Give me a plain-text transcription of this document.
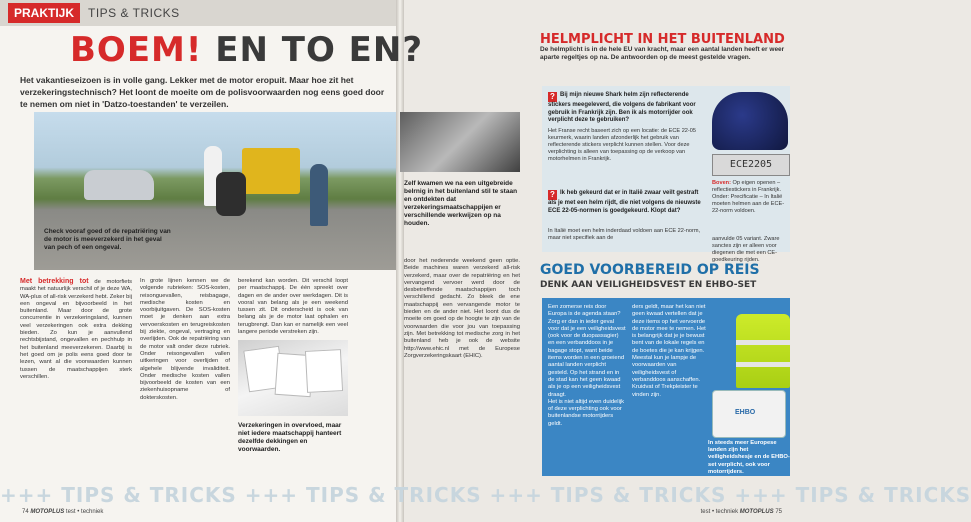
PRAKTIJK	TIPS & TRICKS
Het vakantieseizoen is in volle gang. Lekker met de motor eropuit. Maar hoe zit het verzekeringstechnisch? Het loont de moeite om de polisvoorwaarden nog eens goed door te nemen om niet in 'Datzo-toestanden' te verzeilen.
Check vooraf goed of de repatriëring van de motor is meeverzekerd in het geval van pech of een ongeval.
Met betrekking tot de motorfiets maakt het natuurlijk verschil of je deze WA, WA-plus of all-risk verzekerd hebt. Zeker bij een ongeval en bijvoorbeeld in het buitenland. Maar door de grote concurrentie in verzekeringsland, kunnen veel verzekeringen ook extra dekking bieden. Zo kun je aanvullend rechtsbijstand, ongevallen en pechhulp in het buitenland meeverzekeren. Daarbij is het goed om je polis eens goed door te lezen, want al die voorwaarden kunnen tussen de maatschappijen sterk verschillen.
In grote lijnen kennen we de volgende rubrieken: SOS-kosten, reisonguevallen, reisbagage, medische kosten en voorbijuitgaven. De SOS-kosten moet je denken aan extra vervoerskosten en terugreiskosten bij ziekte, ongeval, vertraging en overlijden. Ook de repatriëring van de motor valt onder deze rubriek. Onder reisongevallen vallen uitkeringen voor overlijden of algehele blijvende invaliditeit. Onder medische kosten vallen bijvoorbeeld de kosten van een ziekenhuisopname of dokterskosten.
berekend kan worden. Dit verschil loopt per maatschappij. De één spreekt over dagen en de ander over werkdagen. Dit is vooral van belang als je een weekend tussen zit. Dit onderscheid is ook van belang als je de motor laat ophalen en terugbrengt. Dan kan er namelijk een veel langere periode verstreken zijn.
Verzekeringen in overvloed, maar niet iedere maatschappij hanteert dezelfde dekkingen en voorwaarden.
74 MOTOPLUS test • techniek
Zelf kwamen we na een uitgebreide belrnig in het buitenland stil te staan en ontdekten dat verzekeringsmaatschappijen er verschillende werkwijzen op na houden.
door het nederende weekend geen optie. Beide machines waren verzekerd all-risk verzekerd, maar over de repatriëring en het vervangend vervoer werd door de desbetreffende maatschappijen toch verschillend gedacht. Zo bleek de ene maatschappij een vervangende motor te bieden en de ander niet. Het loont dus de moeite om goed op de hoogte te zijn van de voorwaarden die voor jou van toepassing zijn. Met betrekking tot medische zorg in het buitenland heb je ook de website http://www.ehic.nl met de Europese Zorgverzekeringskaart (EHIC).
BOEM! EN TO EN?	HELMPLICHT IN HET BUITENLAND
De helmplicht is in de hele EU van kracht, maar een aantal landen heeft er weer aparte regeltjes op na. De antwoorden op de meest gestelde vragen.
? Bij mijn nieuwe Shark helm zijn reflecterende stickers meegeleverd, die volgens de fabrikant voor gebruik in Frankrijk zijn. Ben ik als motorrijder ook verplicht deze te gebruiken?
Het Franse recht baseert zich op een locatie: de ECE 22-05 keurmerk, waarin landen afzonderlijk het gebruik van reflecterende stickers verplicht kunnen stellen. Voor deze verplichting is alleen van toepassing op de verkoop van motorhelmen in Frankrijk.
? Ik heb gekeurd dat er in Italië zwaar veilt gestraft als je met een helm rijdt, die niet volgens de nieuwste ECE 22-05-normen is goedgekeurd. Klopt dat?
In Italië moet een helm inderdaad voldoen aan ECE 22-norm, maar niet specifiek aan de
ECE2205
Boven: Op eigen openen – reflectiestickers in Frankrijk. Onder: Precificatie – In Italië moeten helmen aan de ECE-22-norm voldoen.
aanvulde 05 variant. Zware sanctes zijn er alleen voor diegenen die met een CE-goedkeuring rijden.
GOED VOORBEREID OP REIS
DENK AAN VEILIGHEIDSVEST EN EHBO-SET
Een zomerse reis door Europa is de agenda staan? Zorg er dan in ieder geval voor dat je een veiligheidsvest (ook voor de duopassagier) en een verbanddoos in je bagage stopt, want beide items worden in een groeiend aantal landen verplicht gesteld. Op het strand en in de stad kan het geen kwaad als je op een veiligheidsvest draagt.
Het is niet altijd even duidelijk of deze verplichting ook voor buitenlandse motorrijders geldt.
ders geldt, maar het kan niet geen kwaad vertellen dat je deze items op het vervoerde de motor mee te nemen. Het is belangrijk dat je je bewust bent van de lokale regels en de boetes die je kan krijgen. Meestal kun je lampje de voorwaarden van veiligheidsvest of verbanddoos aanschaffen. Kruidvat of Trekpleister te vinden zijn.
EHBO
In steeds meer Europese landen zijn het veiligheidshesje en de EHBO-set verplicht, ook voor motorrijders.
test • techniek MOTOPLUS 75
+++ TIPS & TRICKS +++ TIPS & TRICKS +++ TIPS & TRICKS +++ TIPS & TRICKS
